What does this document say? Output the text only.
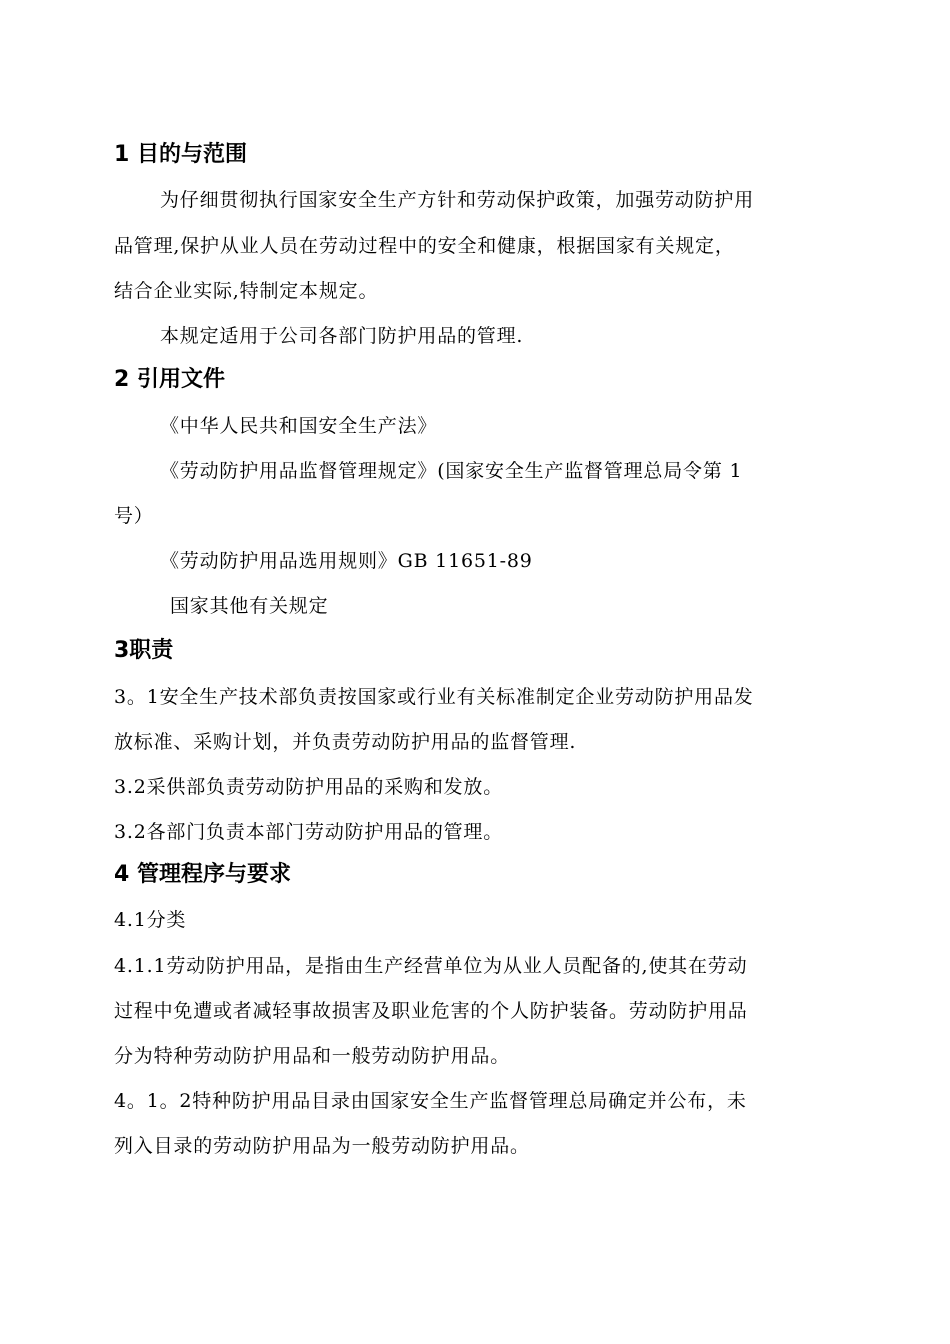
1 目的与范围
为仔细贯彻执行国家安全生产方针和劳动保护政策，加强劳动防护用
品管理,保护从业人员在劳动过程中的安全和健康，根据国家有关规定，
结合企业实际,特制定本规定。
本规定适用于公司各部门防护用品的管理.
2 引用文件
《中华人民共和国安全生产法》
《劳动防护用品监督管理规定》(国家安全生产监督管理总局令第 1
号）
《劳动防护用品选用规则》GB 11651-89
国家其他有关规定
3职责
3。1安全生产技术部负责按国家或行业有关标准制定企业劳动防护用品发
放标准、采购计划，并负责劳动防护用品的监督管理.
3.2采供部负责劳动防护用品的采购和发放。
3.2各部门负责本部门劳动防护用品的管理。
4 管理程序与要求
4.1分类
4.1.1劳动防护用品，是指由生产经营单位为从业人员配备的,使其在劳动
过程中免遭或者减轻事故损害及职业危害的个人防护装备。劳动防护用品
分为特种劳动防护用品和一般劳动防护用品。
4。1。2特种防护用品目录由国家安全生产监督管理总局确定并公布，未
列入目录的劳动防护用品为一般劳动防护用品。
